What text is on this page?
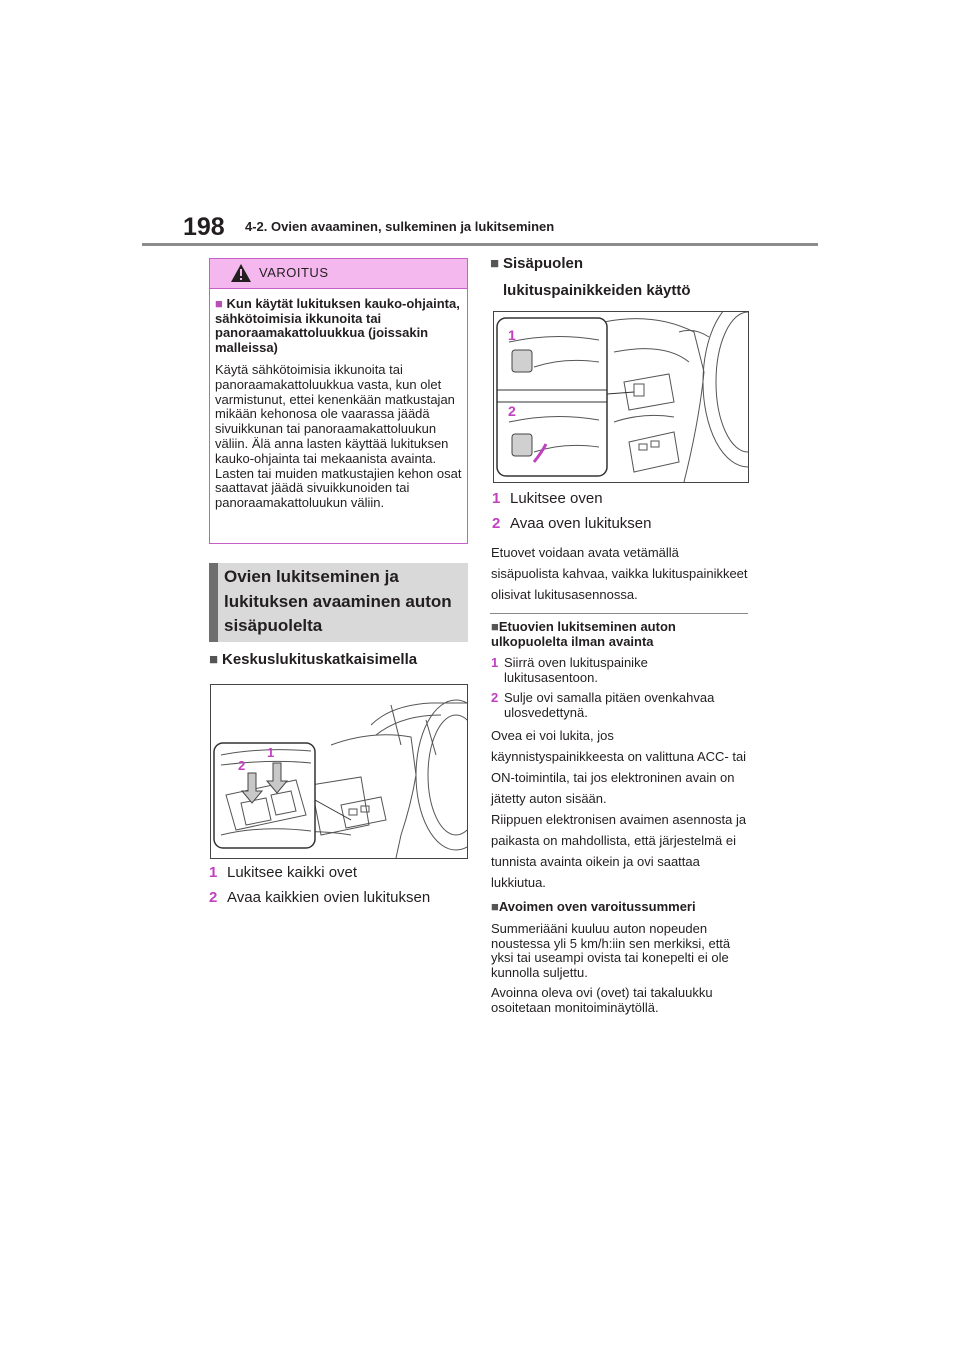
198 4-2. Ovien avaaminen, sulkeminen ja lukitseminen
VAROITUS
■ Kun käytät lukituksen kauko-ohjainta, sähkötoimisia ikkunoita tai panoraamakattoluukkua (joissakin malleissa)
Käytä sähkötoimisia ikkunoita tai panoraamakattoluukkua vasta, kun olet varmistunut, ettei kenenkään matkustajan mikään kehonosa ole vaarassa jäädä sivuikkunan tai panoraamakattoluukun väliin. Älä anna lasten käyttää lukituksen kauko-ohjainta tai mekaanista avainta. Lasten tai muiden matkustajien kehon osat saattavat jäädä sivuikkunoiden tai panoraamakattoluukun väliin.
Ovien lukitseminen ja lukituksen avaaminen auton sisäpuolelta
■ Keskuslukituskatkaisimella
2
1
1 Lukitsee kaikki ovet
2 Avaa kaikkien ovien lukituksen
■ Sisäpuolen
lukituspainikkeiden käyttö
1
2
1 Lukitsee oven
2 Avaa oven lukituksen
Etuovet voidaan avata vetämällä sisäpuolista kahvaa, vaikka lukituspainikkeet olisivat lukitusasennossa.
■Etuovien lukitseminen auton ulkopuolelta ilman avainta
1 Siirrä oven lukituspainike lukitusasentoon.
2 Sulje ovi samalla pitäen ovenkahvaa ulosvedettynä.
Ovea ei voi lukita, jos käynnistyspainikkeesta on valittuna ACC- tai ON-toimintila, tai jos elektroninen avain on jätetty auton sisään.
Riippuen elektronisen avaimen asennosta ja paikasta on mahdollista, että järjestelmä ei tunnista avainta oikein ja ovi saattaa lukkiutua.
■Avoimen oven varoitussummeri
Summeriääni kuuluu auton nopeuden noustessa yli 5 km/h:iin sen merkiksi, että yksi tai useampi ovista tai konepelti ei ole kunnolla suljettu.
Avoinna oleva ovi (ovet) tai takaluukku osoitetaan monitoiminäytöllä.
